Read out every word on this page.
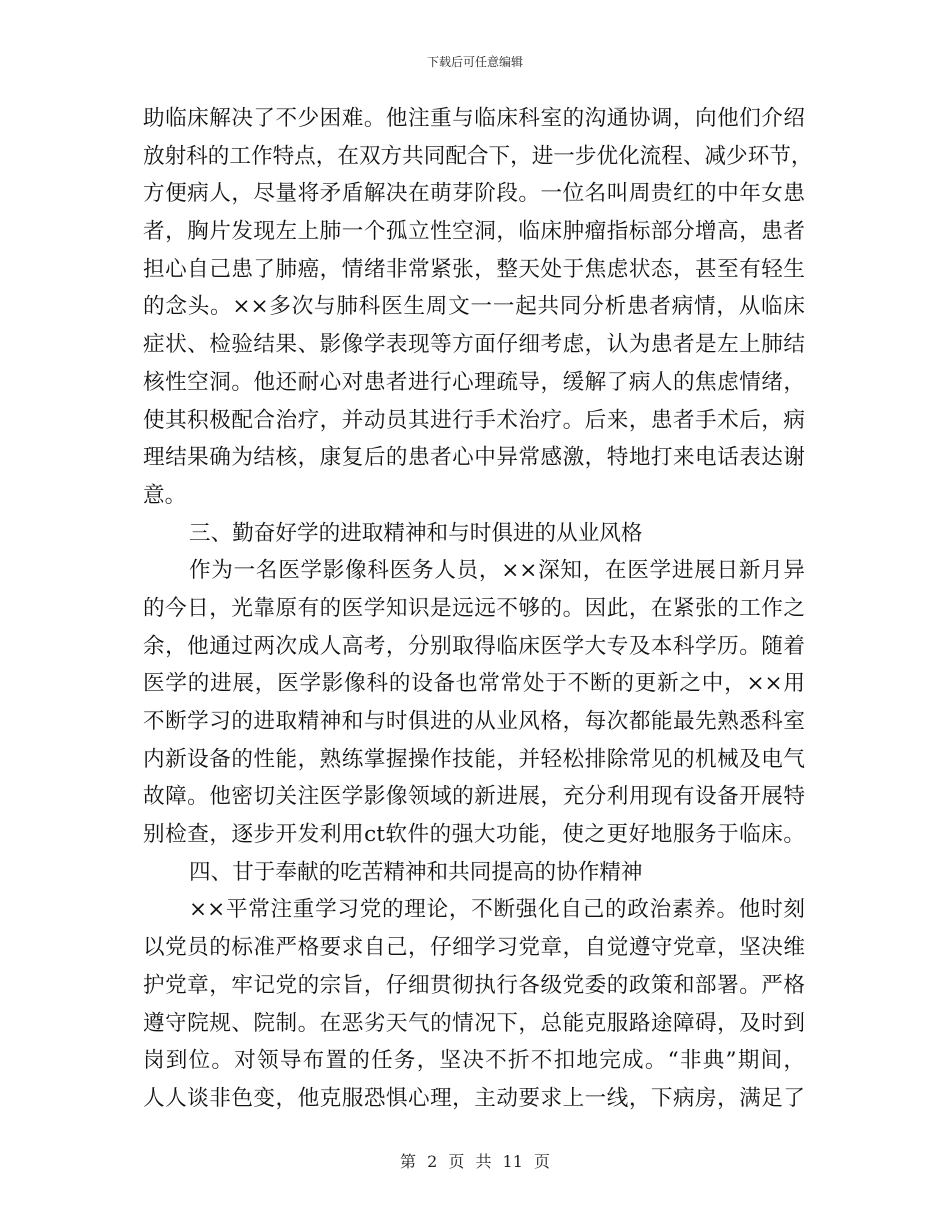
下载后可任意编辑
助临床解决了不少困难。他注重与临床科室的沟通协调，向他们介绍
放射科的工作特点，在双方共同配合下，进一步优化流程、减少环节，
方便病人，尽量将矛盾解决在萌芽阶段。一位名叫周贵红的中年女患
者，胸片发现左上肺一个孤立性空洞，临床肿瘤指标部分增高，患者
担心自己患了肺癌，情绪非常紧张，整天处于焦虑状态，甚至有轻生
的念头。××多次与肺科医生周文一一起共同分析患者病情，从临床
症状、检验结果、影像学表现等方面仔细考虑，认为患者是左上肺结
核性空洞。他还耐心对患者进行心理疏导，缓解了病人的焦虑情绪，
使其积极配合治疗，并动员其进行手术治疗。后来，患者手术后，病
理结果确为结核，康复后的患者心中异常感激，特地打来电话表达谢
意。
三、勤奋好学的进取精神和与时俱进的从业风格
作为一名医学影像科医务人员，××深知，在医学进展日新月异
的今日，光靠原有的医学知识是远远不够的。因此，在紧张的工作之
余，他通过两次成人高考，分别取得临床医学大专及本科学历。随着
医学的进展，医学影像科的设备也常常处于不断的更新之中，××用
不断学习的进取精神和与时俱进的从业风格，每次都能最先熟悉科室
内新设备的性能，熟练掌握操作技能，并轻松排除常见的机械及电气
故障。他密切关注医学影像领域的新进展，充分利用现有设备开展特
别检查，逐步开发利用ct软件的强大功能，使之更好地服务于临床。
四、甘于奉献的吃苦精神和共同提高的协作精神
××平常注重学习党的理论，不断强化自己的政治素养。他时刻
以党员的标准严格要求自己，仔细学习党章，自觉遵守党章，坚决维
护党章，牢记党的宗旨，仔细贯彻执行各级党委的政策和部署。严格
遵守院规、院制。在恶劣天气的情况下，总能克服路途障碍，及时到
岗到位。对领导布置的任务，坚决不折不扣地完成。“非典”期间，
人人谈非色变，他克服恐惧心理，主动要求上一线，下病房，满足了
第 2 页 共 11 页
